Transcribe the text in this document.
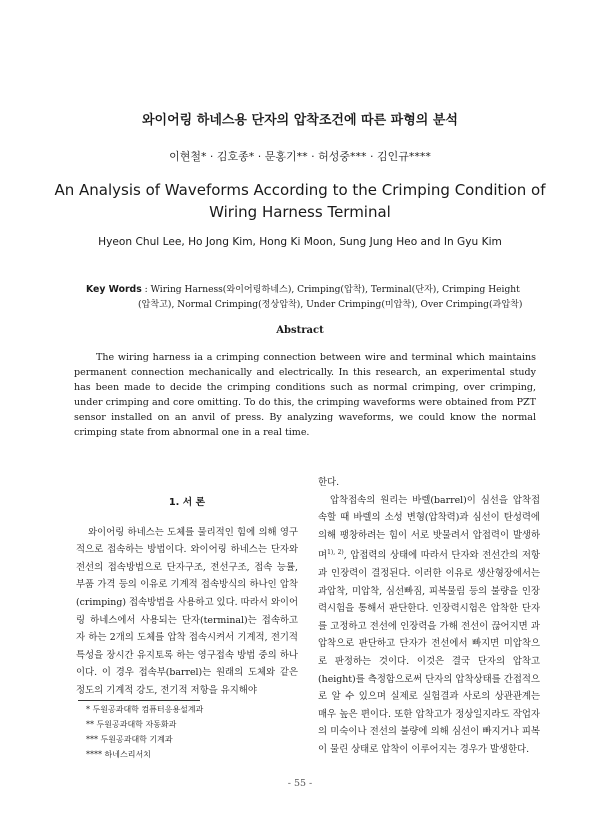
와이어링 하네스용 단자의 압착조건에 따른 파형의 분석
이현철* · 김호종* · 문홍기** · 허성중*** · 김인규****
An Analysis of Waveforms According to the Crimping Condition of
Wiring Harness Terminal
Hyeon Chul Lee, Ho Jong Kim, Hong Ki Moon, Sung Jung Heo and In Gyu Kim
Key Words : Wiring Harness(와이어링하네스), Crimping(압착), Terminal(단자), Crimping Height
(압착고), Normal Crimping(정상압착), Under Crimping(미압착), Over Crimping(과압착)
Abstract

The wiring harness ia a crimping connection between wire and terminal which maintains permanent connection mechanically and electrically. In this research, an experimental study has been made to decide the crimping conditions such as normal crimping, over crimping, under crimping and core omitting. To do this, the crimping waveforms were obtained from PZT sensor installed on an anvil of press. By analyzing waveforms, we could know the normal crimping state from abnormal one in a real time.

1. 서 론

와이어링 하네스는 도체를 물리적인 힘에 의해 영구적으로 접속하는 방법이다. 와이어링 하네스는 단자와 전선의 접속방법으로 단자구조, 전선구조, 접속 능률, 부품 가격 등의 이유로 기계적 접속방식의 하나인 압착(crimping) 접속방법을 사용하고 있다. 따라서 와이어링 하네스에서 사용되는 단자(terminal)는 접속하고자 하는 2개의 도체를 압착 접속시켜서 기계적, 전기적 특성을 장시간 유지토록 하는 영구접속 방법 중의 하나이다. 이 경우 접속부(barrel)는 원래의 도체와 같은 정도의 기계적 강도, 전기적 저항을 유지해야

한다.

압착접속의 원리는 바렐(barrel)이 심선을 압착접속할 때 바렐의 소성 변형(압착력)과 심선이 탄성력에 의해 팽창하려는 힘이 서로 밧물려서 압접력이 발생하며$^{1), 2)}$, 압접력의 상태에 따라서 단자와 전선간의 저항과 인장력이 결정된다. 이러한 이유로 생산형장에서는 과압착, 미압착, 심선빠짐, 피복물림 등의 불량을 인장력시험을 통해서 판단한다. 인장력시험은 압착한 단자를 고정하고 전선에 인장력을 가해 전선이 끊어지면 과압착으로 판단하고 단자가 전선에서 빠지면 미압착으로 판정하는 것이다. 이것은 결국 단자의 압착고(height)를 측정함으로써 단자의 압착상태를 간접적으로 알 수 있으며 실제로 실험결과 사로의 상관관계는 매우 높은 편이다. 또한 압착고가 정상일지라도 작업자의 미숙이나 전선의 불량에 의해 심선이 빠지거나 피복이 물린 상태로 압착이 이루어지는 경우가 발생한다.

* 두원공과대학 컴퓨터응용설계과
** 두원공과대학 자동화과
*** 두원공과대학 기계과
**** 하네스리서치
- 55 -
